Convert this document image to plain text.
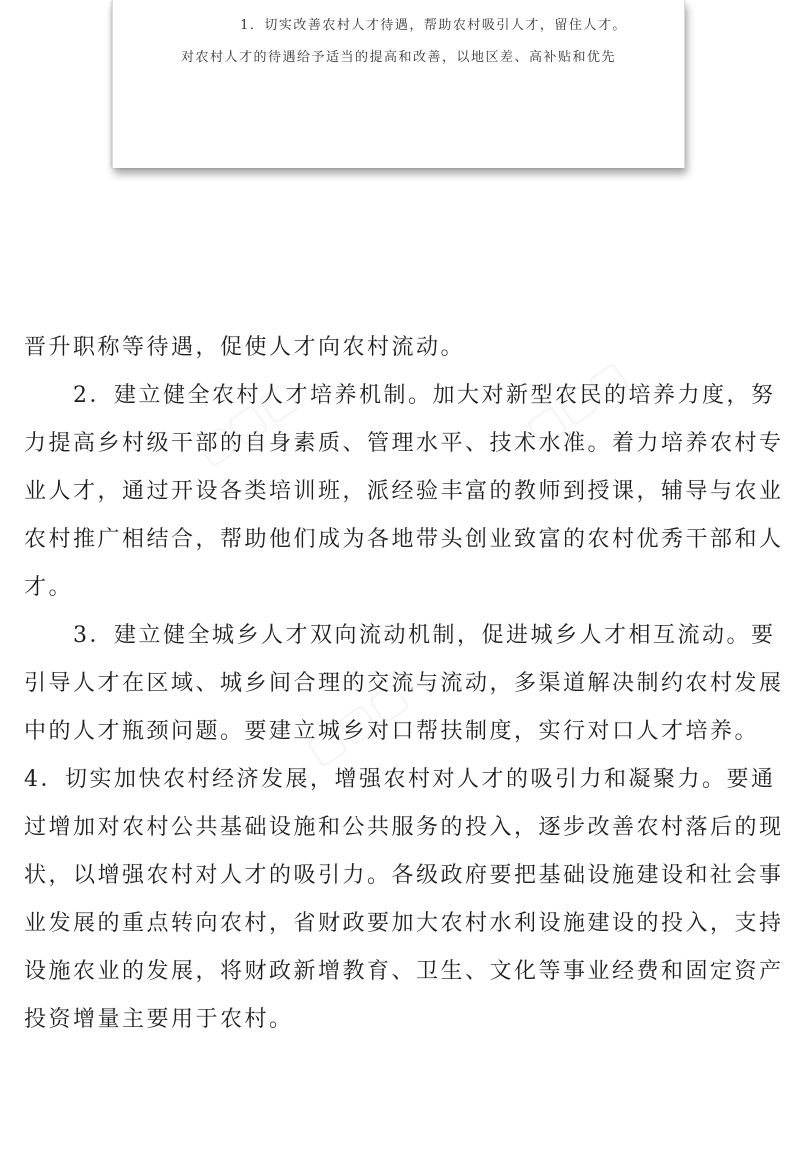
1．切实改善农村人才待遇，帮助农村吸引人才，留住人才。
对农村人才的待遇给予适当的提高和改善，以地区差、高补贴和优先
▢▢▢
▢▢▢
▢▢▢

晋升职称等待遇，促使人才向农村流动。

　　2．建立健全农村人才培养机制。加大对新型农民的培养力度，努力提高乡村级干部的自身素质、管理水平、技术水准。着力培养农村专业人才，通过开设各类培训班，派经验丰富的教师到授课，辅导与农业农村推广相结合，帮助他们成为各地带头创业致富的农村优秀干部和人才。

　　3．建立健全城乡人才双向流动机制，促进城乡人才相互流动。要引导人才在区域、城乡间合理的交流与流动，多渠道解决制约农村发展中的人才瓶颈问题。要建立城乡对口帮扶制度，实行对口人才培养。　4．切实加快农村经济发展，增强农村对人才的吸引力和凝聚力。要通过增加对农村公共基础设施和公共服务的投入，逐步改善农村落后的现状，以增强农村对人才的吸引力。各级政府要把基础设施建设和社会事业发展的重点转向农村，省财政要加大农村水利设施建设的投入，支持设施农业的发展，将财政新增教育、卫生、文化等事业经费和固定资产投资增量主要用于农村。
